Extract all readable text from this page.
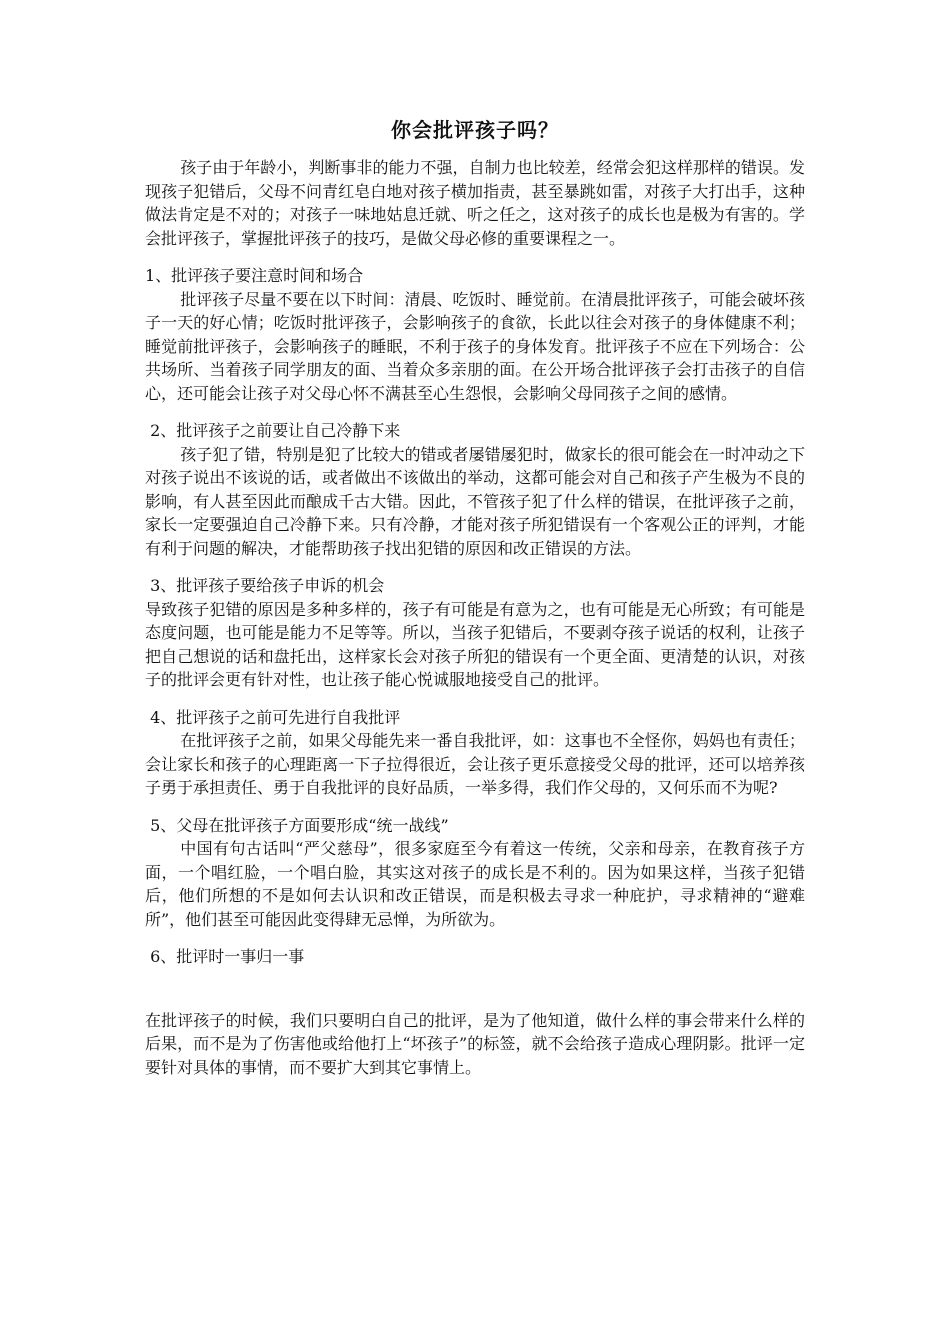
你会批评孩子吗？

孩子由于年龄小，判断事非的能力不强，自制力也比较差，经常会犯这样那样的错误。发现孩子犯错后，父母不问青红皂白地对孩子横加指责，甚至暴跳如雷，对孩子大打出手，这种做法肯定是不对的；对孩子一味地姑息迁就、听之任之，这对孩子的成长也是极为有害的。学会批评孩子，掌握批评孩子的技巧，是做父母必修的重要课程之一。

1、批评孩子要注意时间和场合

批评孩子尽量不要在以下时间：清晨、吃饭时、睡觉前。在清晨批评孩子，可能会破坏孩子一天的好心情；吃饭时批评孩子，会影响孩子的食欲，长此以往会对孩子的身体健康不利； 睡觉前批评孩子，会影响孩子的睡眠，不利于孩子的身体发育。批评孩子不应在下列场合：公共场所、当着孩子同学朋友的面、当着众多亲朋的面。在公开场合批评孩子会打击孩子的自信心，还可能会让孩子对父母心怀不满甚至心生怨恨，会影响父母同孩子之间的感情。

2、批评孩子之前要让自己冷静下来

孩子犯了错，特别是犯了比较大的错或者屡错屡犯时，做家长的很可能会在一时冲动之下对孩子说出不该说的话，或者做出不该做出的举动，这都可能会对自己和孩子产生极为不良的影响，有人甚至因此而酿成千古大错。因此，不管孩子犯了什么样的错误，在批评孩子之前，家长一定要强迫自己冷静下来。只有冷静，才能对孩子所犯错误有一个客观公正的评判，才能有利于问题的解决，才能帮助孩子找出犯错的原因和改正错误的方法。

3、批评孩子要给孩子申诉的机会

导致孩子犯错的原因是多种多样的，孩子有可能是有意为之，也有可能是无心所致；有可能是态度问题，也可能是能力不足等等。所以，当孩子犯错后，不要剥夺孩子说话的权利，让孩子把自己想说的话和盘托出，这样家长会对孩子所犯的错误有一个更全面、更清楚的认识，对孩子的批评会更有针对性，也让孩子能心悦诚服地接受自己的批评。

4、批评孩子之前可先进行自我批评

在批评孩子之前，如果父母能先来一番自我批评，如：这事也不全怪你，妈妈也有责任；会让家长和孩子的心理距离一下子拉得很近，会让孩子更乐意接受父母的批评，还可以培养孩子勇于承担责任、勇于自我批评的良好品质，一举多得，我们作父母的，又何乐而不为呢?

5、父母在批评孩子方面要形成“统一战线”

中国有句古话叫“严父慈母”，很多家庭至今有着这一传统，父亲和母亲，在教育孩子方面，一个唱红脸，一个唱白脸，其实这对孩子的成长是不利的。因为如果这样，当孩子犯错后，他们所想的不是如何去认识和改正错误，而是积极去寻求一种庇护，寻求精神的“避难所”，他们甚至可能因此变得肆无忌惮，为所欲为。

6、批评时一事归一事

在批评孩子的时候，我们只要明白自己的批评，是为了他知道，做什么样的事会带来什么样的后果，而不是为了伤害他或给他打上“坏孩子”的标签，就不会给孩子造成心理阴影。批评一定要针对具体的事情，而不要扩大到其它事情上。
